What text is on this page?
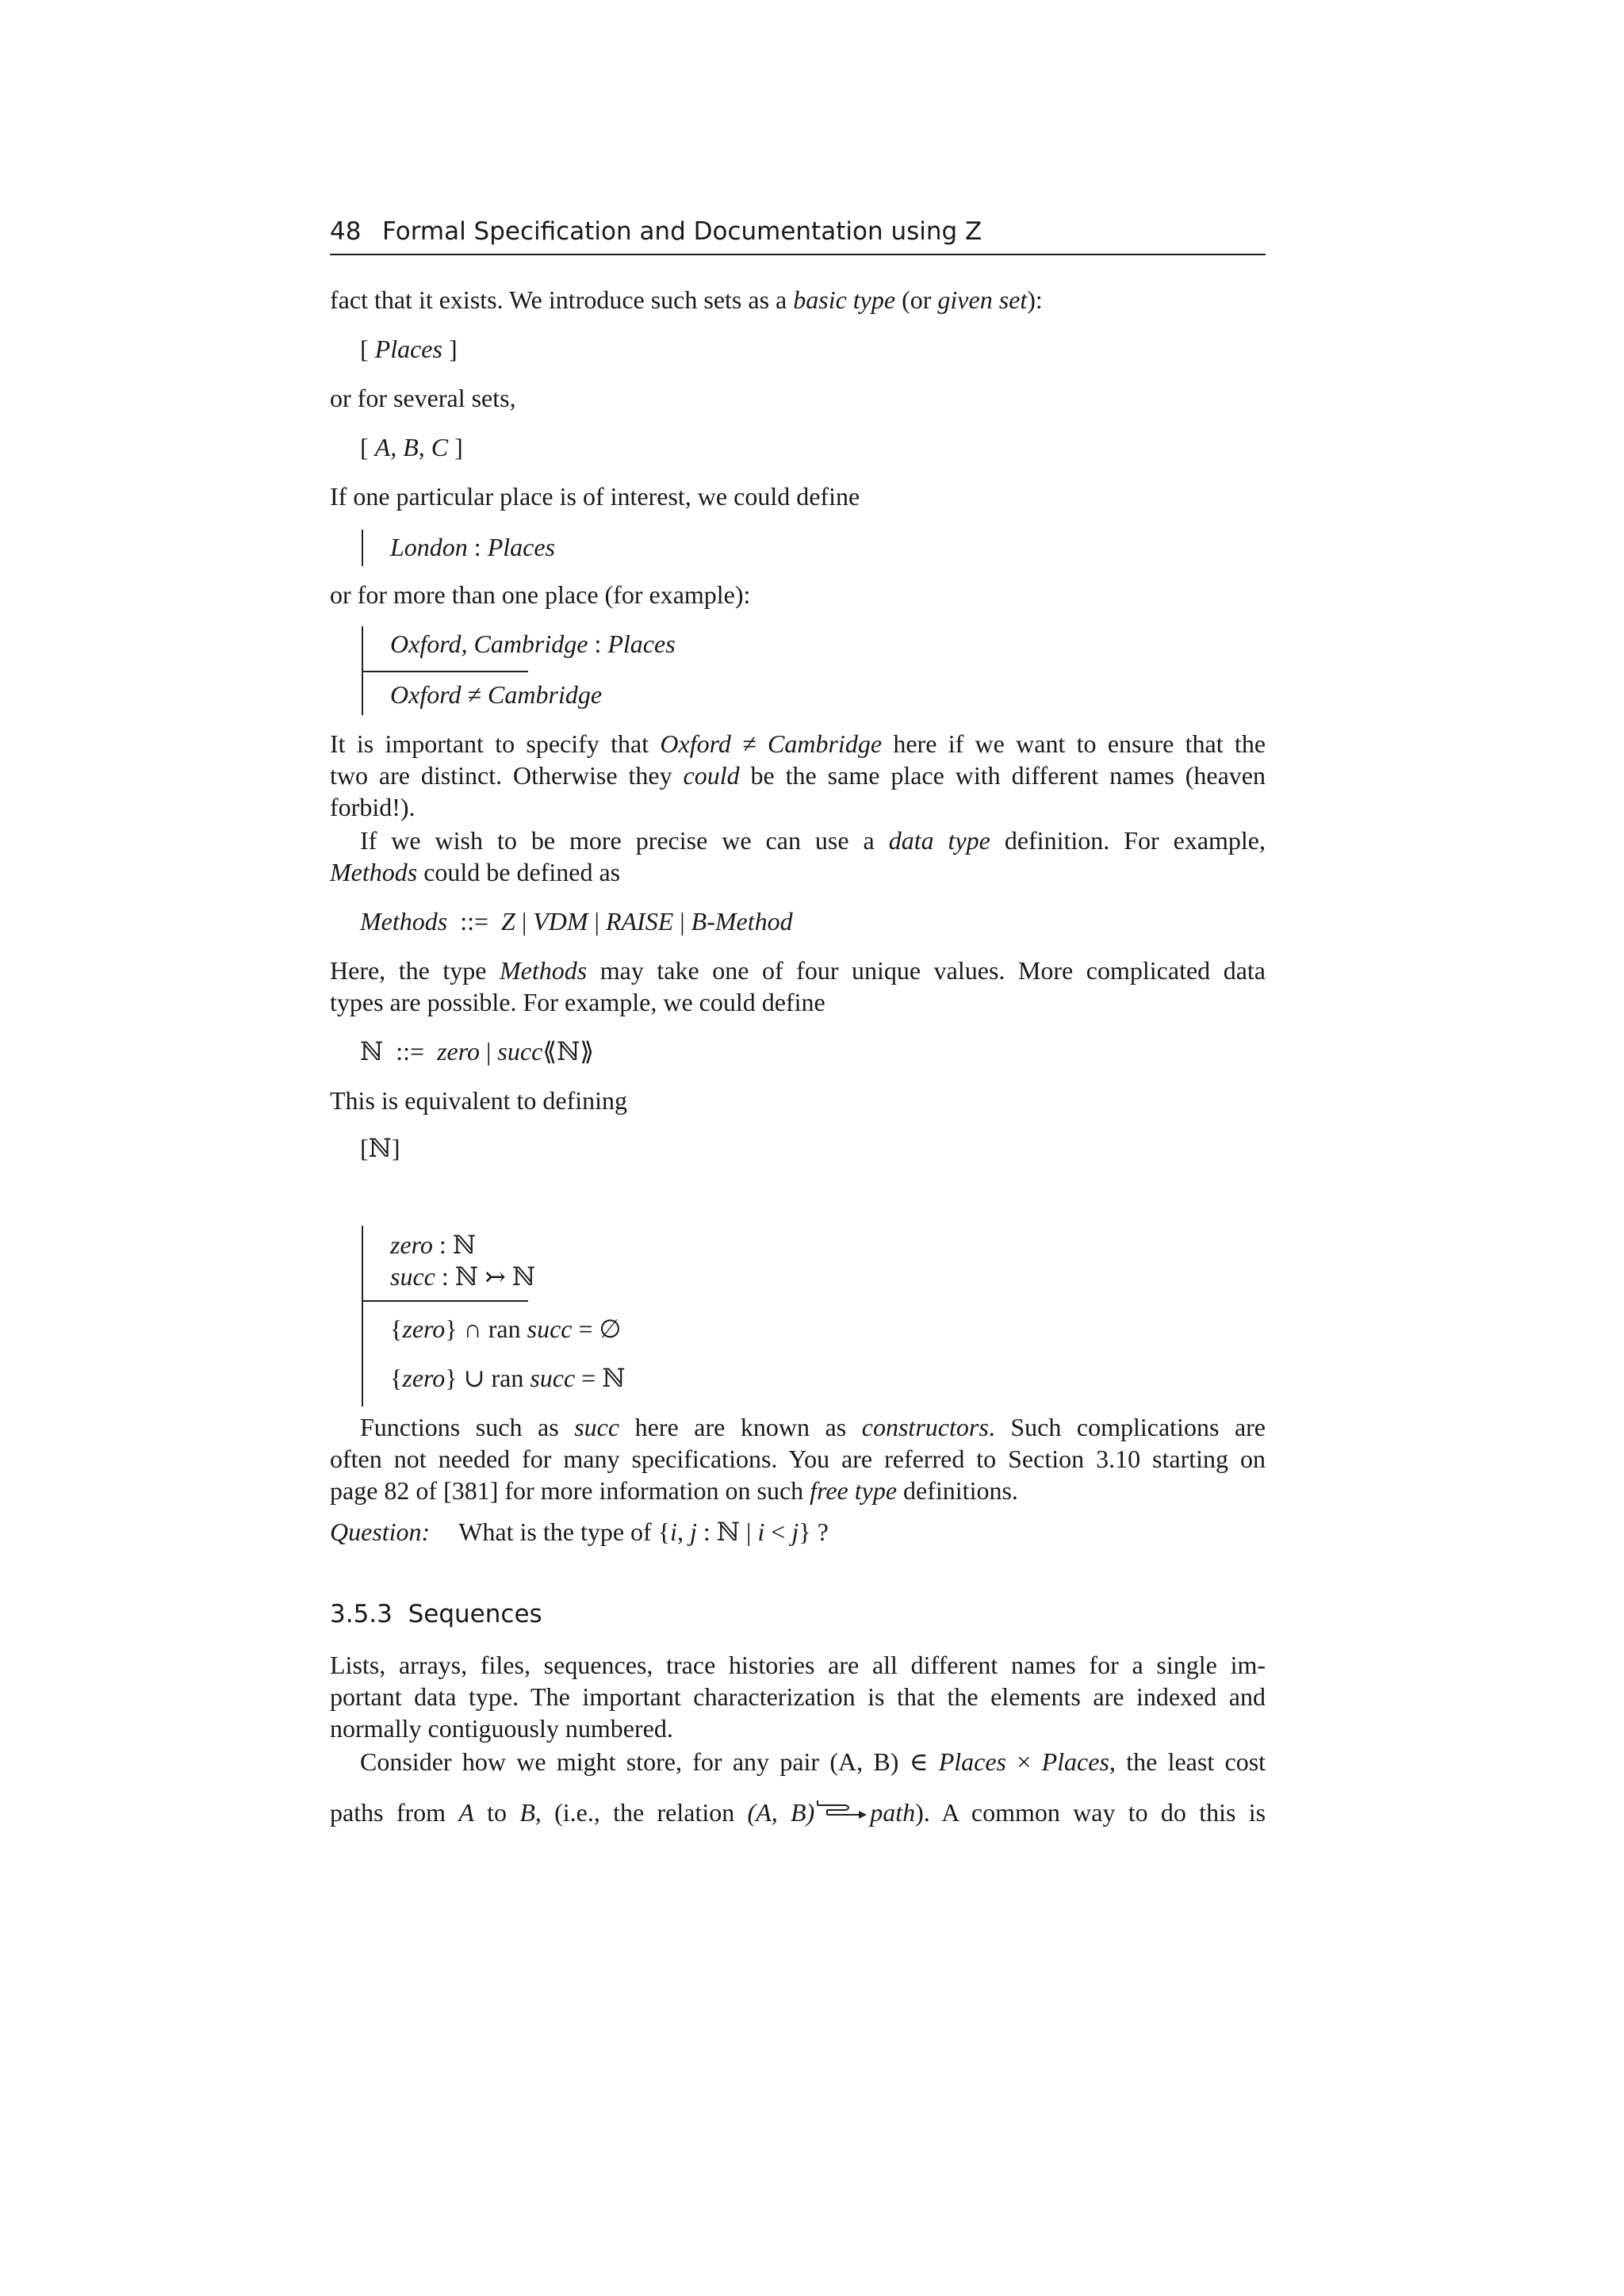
48 Formal Specification and Documentation using Z
fact that it exists. We introduce such sets as a basic type (or given set):
[ Places ]
or for several sets,
[ A, B, C ]
If one particular place is of interest, we could define
London : Places
or for more than one place (for example):
Oxford, Cambridge : Places
Oxford ≠ Cambridge
It is important to specify that Oxford ≠ Cambridge here if we want to ensure that the
two are distinct. Otherwise they could be the same place with different names (heaven
forbid!).
If we wish to be more precise we can use a data type definition. For example,
Methods could be defined as
Methods  ::=  Z | VDM | RAISE | B-Method
Here, the type Methods may take one of four unique values. More complicated data
types are possible. For example, we could define
ℕ  ::=  zero | succ⟪ℕ⟫
This is equivalent to defining
[ℕ]
zero : ℕ
succ : ℕ ↣ ℕ
{zero} ∩ ran succ = ∅
{zero} ∪ ran succ = ℕ
Functions such as succ here are known as constructors. Such complications are
often not needed for many specifications. You are referred to Section 3.10 starting on
page 82 of [381] for more information on such free type definitions.
Question: What is the type of {i, j : ℕ | i < j} ?
3.5.3 Sequences
Lists, arrays, files, sequences, trace histories are all different names for a single im-
portant data type. The important characterization is that the elements are indexed and
normally contiguously numbered.
Consider how we might store, for any pair (A, B) ∈ Places × Places, the least cost
paths from A to B, (i.e., the relation (A, B) path). A common way to do this is
